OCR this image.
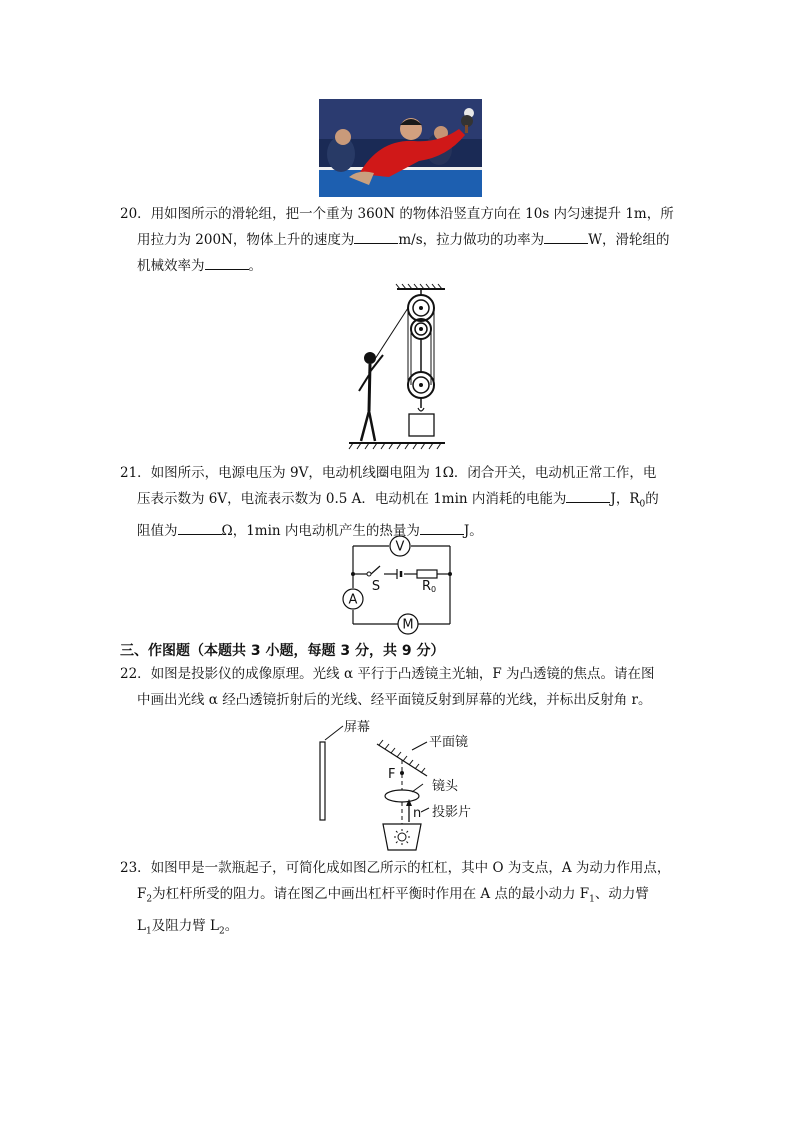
20．用如图所示的滑轮组，把一个重为 360N 的物体沿竖直方向在 10s 内匀速提升 1m，所

用拉力为 200N，物体上升的速度为	m/s，拉力做功的功率为	W，滑轮组的

机械效率为	。

21．如图所示，电源电压为 9V，电动机线圈电阻为 1Ω．闭合开关，电动机正常工作，电

压表示数为 6V，电流表示数为 0.5 A．电动机在 1min 内消耗的电能为	J，$R_0$的

阻值为	Ω，1min 内电动机产生的热量为	J。

V
A
M
S	R 0
三、作图题（本题共 3 小题，每题 3 分，共 9 分）

22．如图是投影仪的成像原理。光线 α 平行于凸透镜主光轴，F 为凸透镜的焦点。请在图

中画出光线 α 经凸透镜折射后的光线、经平面镜反射到屏幕的光线，并标出反射角 r。

屏幕
平面镜
F
镜头
n 投影片

23．如图甲是一款瓶起子，可简化成如图乙所示的杠杠，其中 O 为支点，A 为动力作用点，

$F_2$为杠杆所受的阻力。请在图乙中画出杠杆平衡时作用在 A 点的最小动力 $F_1$、动力臂

$L_1$及阻力臂 $L_2$。
